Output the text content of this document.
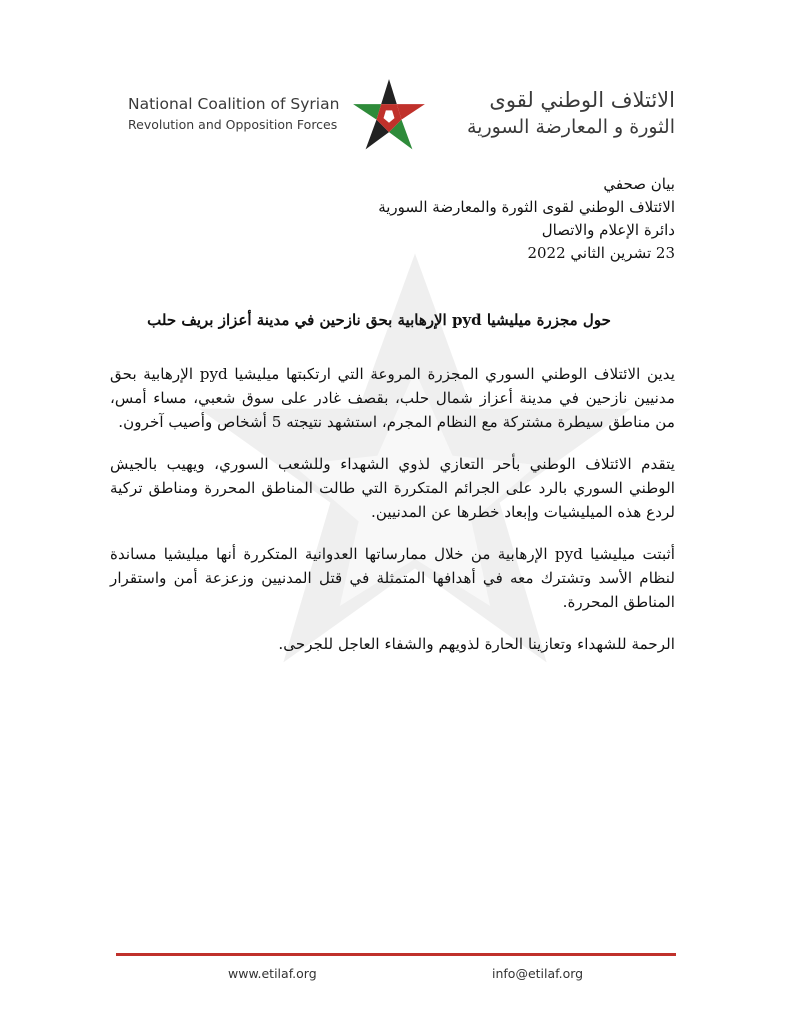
National Coalition of Syrian
Revolution and Opposition Forces
الائتلاف الوطني لقوى
الثورة و المعارضة السورية
بيان صحفي
الائتلاف الوطني لقوى الثورة والمعارضة السورية
دائرة الإعلام والاتصال
23 تشرين الثاني 2022
حول مجزرة ميليشيا pyd الإرهابية بحق نازحين في مدينة أعزاز بريف حلب

يدين الائتلاف الوطني السوري المجزرة المروعة التي ارتكبتها ميليشيا pyd الإرهابية بحق مدنيين نازحين في مدينة أعزاز شمال حلب، بقصف غادر على سوق شعبي، مساء أمس، من مناطق سيطرة مشتركة مع النظام المجرم، استشهد نتيجته 5 أشخاص وأصيب آخرون.

يتقدم الائتلاف الوطني بأحر التعازي لذوي الشهداء وللشعب السوري، ويهيب بالجيش الوطني السوري بالرد على الجرائم المتكررة التي طالت المناطق المحررة ومناطق تركية لردع هذه الميليشيات وإبعاد خطرها عن المدنيين.

أثبتت ميليشيا pyd الإرهابية من خلال ممارساتها العدوانية المتكررة أنها ميليشيا مساندة لنظام الأسد وتشترك معه في أهدافها المتمثلة في قتل المدنيين وزعزعة أمن واستقرار المناطق المحررة.

الرحمة للشهداء وتعازينا الحارة لذويهم والشفاء العاجل للجرحى.

www.etilaf.org	info@etilaf.org
